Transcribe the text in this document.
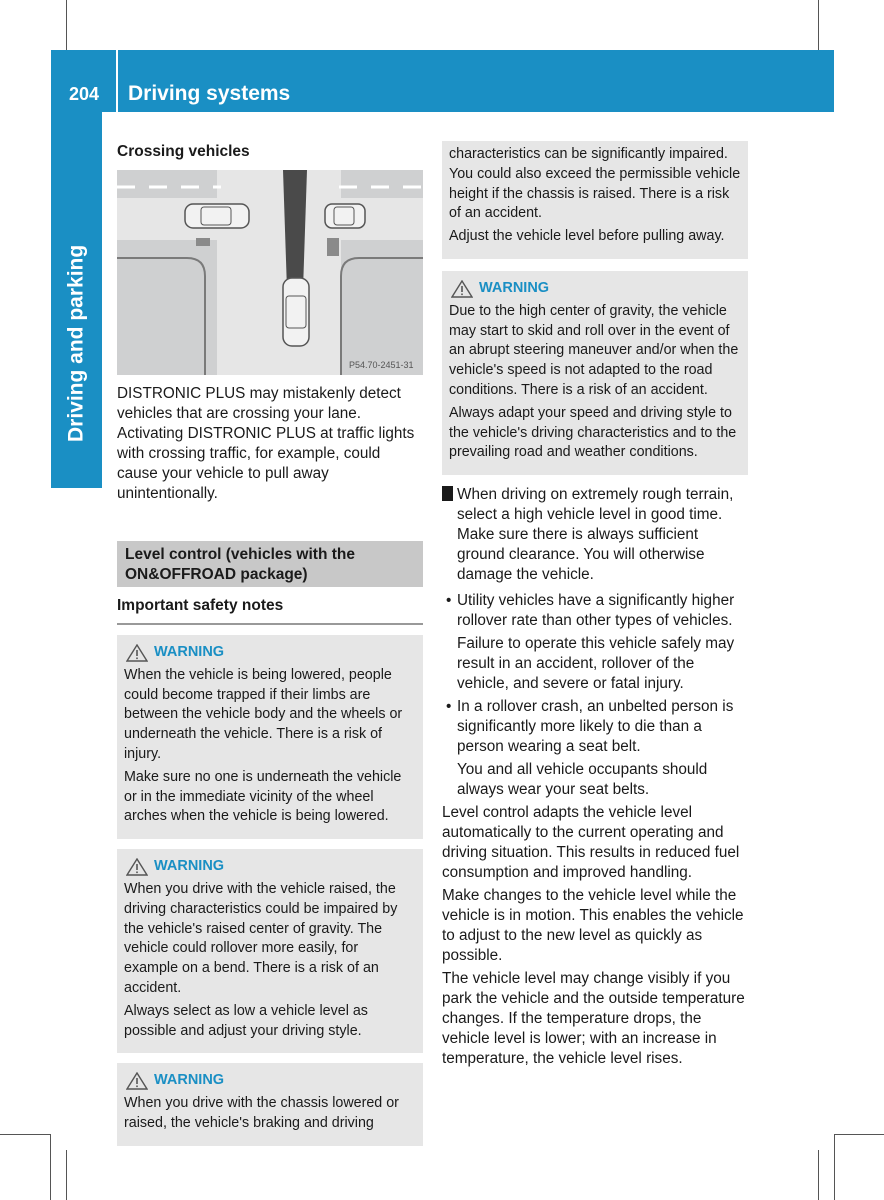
204	Driving systems
Driving and parking
Crossing vehicles
P54.70-2451-31

DISTRONIC PLUS may mistakenly detect vehicles that are crossing your lane. Activating DISTRONIC PLUS at traffic lights with crossing traffic, for example, could cause your vehicle to pull away unintentionally.

Level control (vehicles with the ON&OFFROAD package)
Important safety notes
WARNING

When the vehicle is being lowered, people could become trapped if their limbs are between the vehicle body and the wheels or underneath the vehicle. There is a risk of injury.

Make sure no one is underneath the vehicle or in the immediate vicinity of the wheel arches when the vehicle is being lowered.

WARNING

When you drive with the vehicle raised, the driving characteristics could be impaired by the vehicle's raised center of gravity. The vehicle could rollover more easily, for example on a bend. There is a risk of an accident.

Always select as low a vehicle level as possible and adjust your driving style.

WARNING

When you drive with the chassis lowered or raised, the vehicle's braking and driving

characteristics can be significantly impaired. You could also exceed the permissible vehicle height if the chassis is raised. There is a risk of an accident.

Adjust the vehicle level before pulling away.

WARNING

Due to the high center of gravity, the vehicle may start to skid and roll over in the event of an abrupt steering maneuver and/or when the vehicle's speed is not adapted to the road conditions. There is a risk of an accident.

Always adapt your speed and driving style to the vehicle's driving characteristics and to the prevailing road and weather conditions.

! When driving on extremely rough terrain, select a high vehicle level in good time. Make sure there is always sufficient ground clearance. You will otherwise damage the vehicle.

• Utility vehicles have a significantly higher rollover rate than other types of vehicles.

Failure to operate this vehicle safely may result in an accident, rollover of the vehicle, and severe or fatal injury.

• In a rollover crash, an unbelted person is significantly more likely to die than a person wearing a seat belt.

You and all vehicle occupants should always wear your seat belts.

Level control adapts the vehicle level automatically to the current operating and driving situation. This results in reduced fuel consumption and improved handling.

Make changes to the vehicle level while the vehicle is in motion. This enables the vehicle to adjust to the new level as quickly as possible.

The vehicle level may change visibly if you park the vehicle and the outside temperature changes. If the temperature drops, the vehicle level is lower; with an increase in temperature, the vehicle level rises.
